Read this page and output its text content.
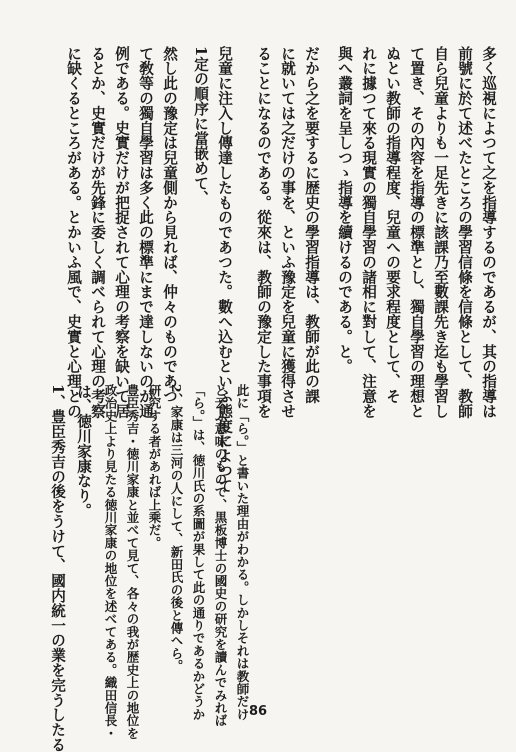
多く巡視によつて之を指導するのであるが、其の指導は
前號に於て述べたところの學習信條を信條として、教師
自ら兒童よりも一足先きに該課乃至數課先き迄も學習し
て置き、その內容を指導の標準とし、獨自學習の理想と
ぬとい教師の指導程度、兒童への要求程度として、そ
れに據つて來る現實の獨自學習の諸相に對して、注意を
與へ叢詞を呈しつゝ指導を續けるのである。と。
だから之を要するに歴史の學習指導は、教師が此の課
に就いては之だけの事を、といふ豫定を兒童に獲得させ
ることになるのである。從來は、教師の豫定した事項を
兒童に注入し傳達したものであつた。數へ込むといふ態度によつて
1定の順序に當嵌めて、
然し此の豫定は兒童側から見れば、仲々のものであつ
て敎等の獨自學習は多く此の標準にまで達しないのが通
例である。史實だけが把捉されて心理の考察を缺いて居
るとか、史實だけが先鋒に委しく調べられて心理の考察
に缺くるところがある。とかいふ風で、史實と心理との
此に「ら。」と書いた理由がわかる。しかしそれは教師だけ
と云ふ意味のもので、黒板博士の國史の研究を讀んでみれば
「ら。」は、徳川氏の系圖が果して此の通りであるかどうか
2、家康は三河の人にして、新田氏の後と傳へら。
研究する者があれば上乘だ。
豊臣秀吉・徳川家康と並べて見て、各々の我が歴史上の地位を
政治史上より見たる徳川家康の地位を述べてある。織田信長・
は、徳川家康なり。
1、豊臣秀吉の後をうけて、國内統一の業を完うしたる	86
